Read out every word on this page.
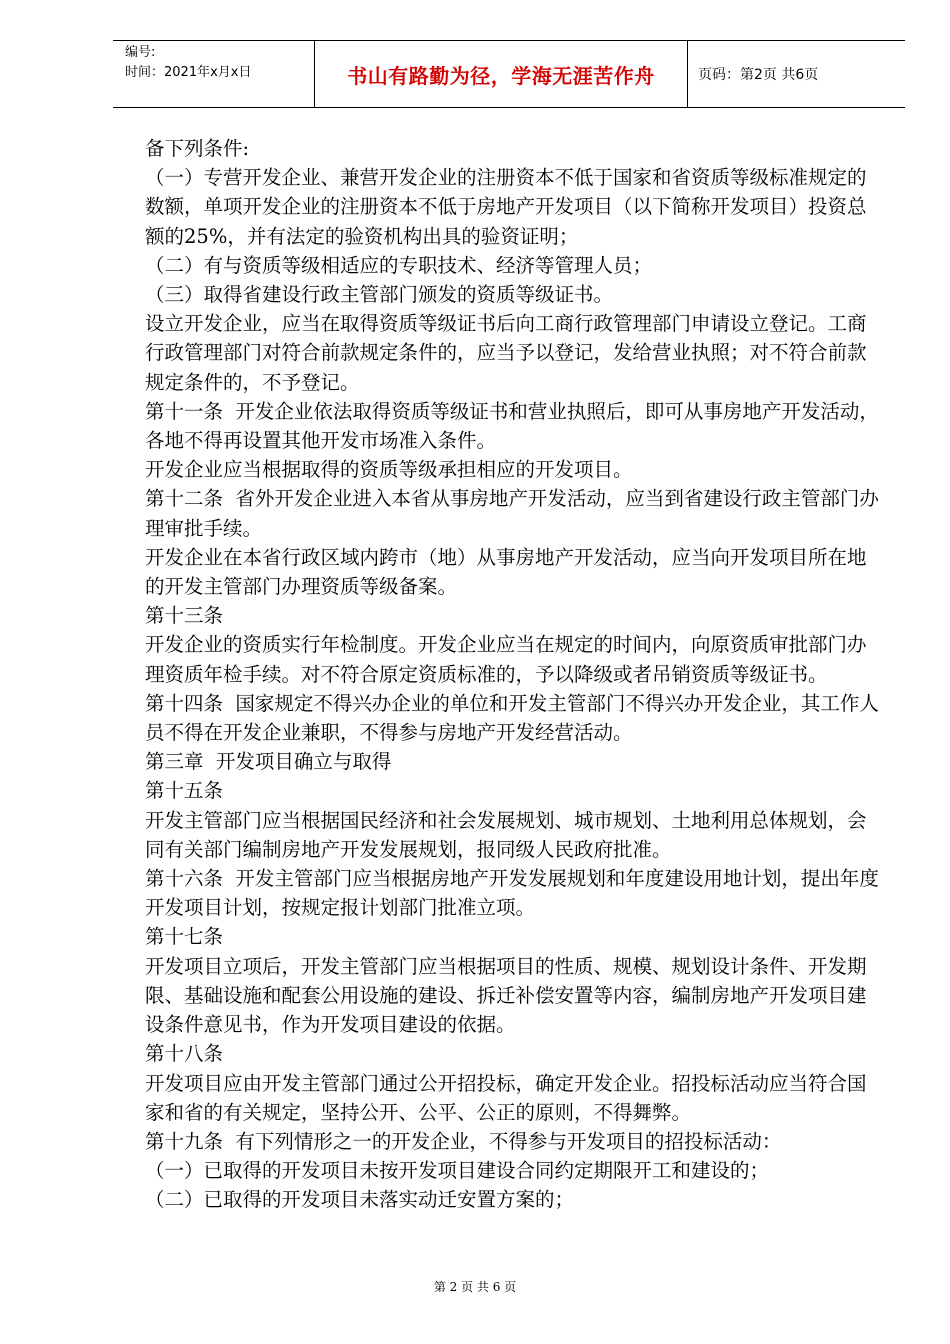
编号:
时间：2021年x月x日	书山有路勤为径，学海无涯苦作舟	页码：第2页 共6页

备下列条件:

（一）专营开发企业、兼营开发企业的注册资本不低于国家和省资质等级标准规定的数额，单项开发企业的注册资本不低于房地产开发项目（以下简称开发项目）投资总额的25%，并有法定的验资机构出具的验资证明；

（二）有与资质等级相适应的专职技术、经济等管理人员；

（三）取得省建设行政主管部门颁发的资质等级证书。

设立开发企业，应当在取得资质等级证书后向工商行政管理部门申请设立登记。工商行政管理部门对符合前款规定条件的，应当予以登记，发给营业执照；对不符合前款规定条件的，不予登记。

第十一条  开发企业依法取得资质等级证书和营业执照后，即可从事房地产开发活动，各地不得再设置其他开发市场准入条件。

开发企业应当根据取得的资质等级承担相应的开发项目。

第十二条  省外开发企业进入本省从事房地产开发活动，应当到省建设行政主管部门办理审批手续。

开发企业在本省行政区域内跨市（地）从事房地产开发活动，应当向开发项目所在地的开发主管部门办理资质等级备案。

第十三条

开发企业的资质实行年检制度。开发企业应当在规定的时间内，向原资质审批部门办理资质年检手续。对不符合原定资质标准的，予以降级或者吊销资质等级证书。

第十四条  国家规定不得兴办企业的单位和开发主管部门不得兴办开发企业，其工作人员不得在开发企业兼职，不得参与房地产开发经营活动。

第三章  开发项目确立与取得

第十五条

开发主管部门应当根据国民经济和社会发展规划、城市规划、土地利用总体规划，会同有关部门编制房地产开发发展规划，报同级人民政府批准。

第十六条  开发主管部门应当根据房地产开发发展规划和年度建设用地计划，提出年度开发项目计划，按规定报计划部门批准立项。

第十七条

开发项目立项后，开发主管部门应当根据项目的性质、规模、规划设计条件、开发期限、基础设施和配套公用设施的建设、拆迁补偿安置等内容，编制房地产开发项目建设条件意见书，作为开发项目建设的依据。

第十八条

开发项目应由开发主管部门通过公开招投标，确定开发企业。招投标活动应当符合国家和省的有关规定，坚持公开、公平、公正的原则，不得舞弊。

第十九条  有下列情形之一的开发企业，不得参与开发项目的招投标活动：

（一）已取得的开发项目未按开发项目建设合同约定期限开工和建设的；

（二）已取得的开发项目未落实动迁安置方案的；

第 2 页 共 6 页
